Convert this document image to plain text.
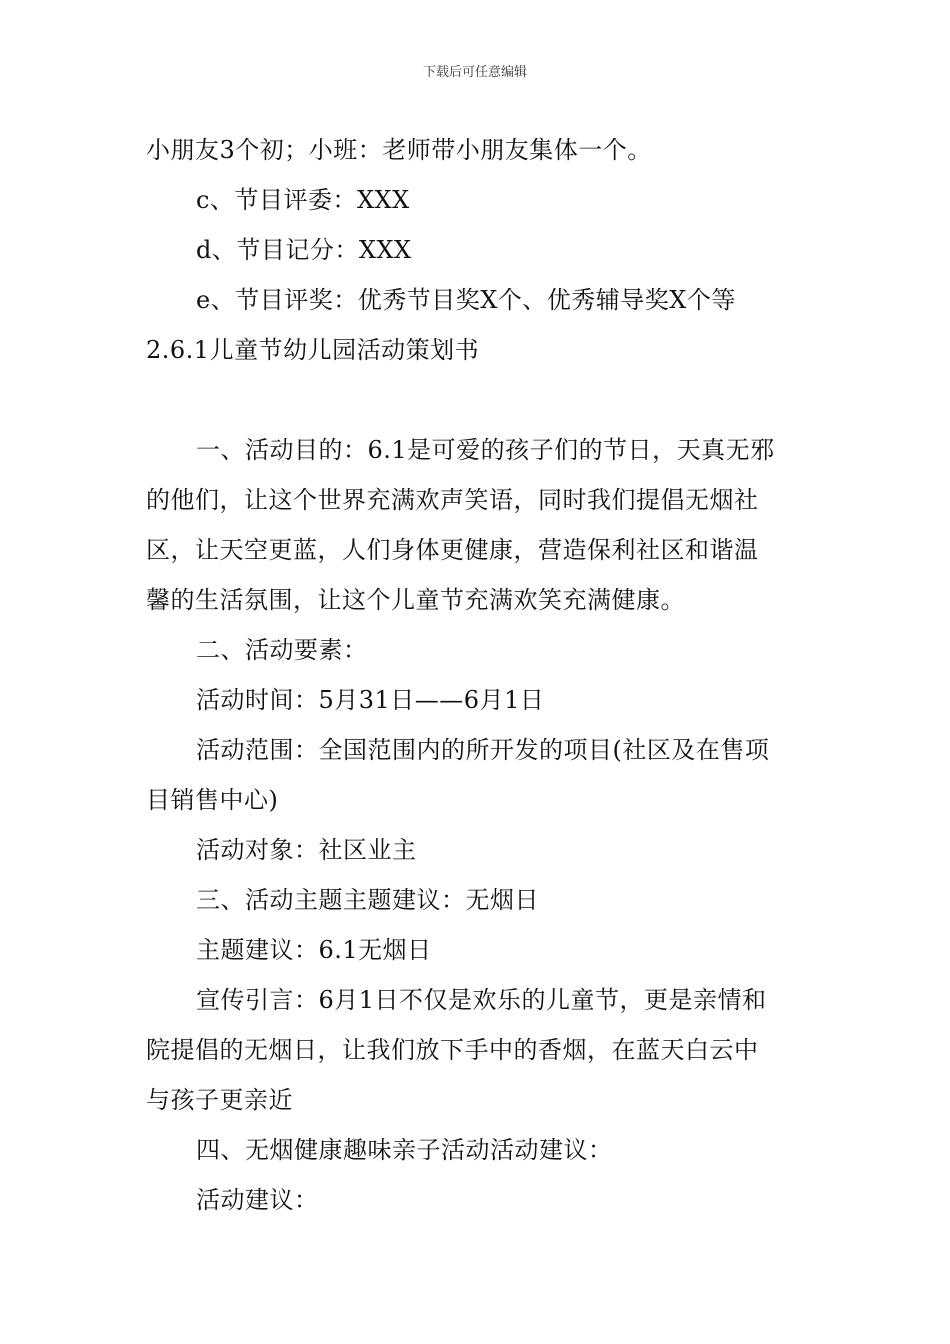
下载后可任意编辑
小朋友3个初；小班：老师带小朋友集体一个。
c、节目评委：XXX
d、节目记分：XXX
e、节目评奖：优秀节目奖X个、优秀辅导奖X个等
2.6.1儿童节幼儿园活动策划书
一、活动目的：6.1是可爱的孩子们的节日，天真无邪
的他们，让这个世界充满欢声笑语，同时我们提倡无烟社
区，让天空更蓝，人们身体更健康，营造保利社区和谐温
馨的生活氛围，让这个儿童节充满欢笑充满健康。
二、活动要素：
活动时间：5月31日——6月1日
活动范围：全国范围内的所开发的项目(社区及在售项
目销售中心)
活动对象：社区业主
三、活动主题主题建议：无烟日
主题建议：6.1无烟日
宣传引言：6月1日不仅是欢乐的儿童节，更是亲情和
院提倡的无烟日，让我们放下手中的香烟，在蓝天白云中
与孩子更亲近
四、无烟健康趣味亲子活动活动建议：
活动建议：
